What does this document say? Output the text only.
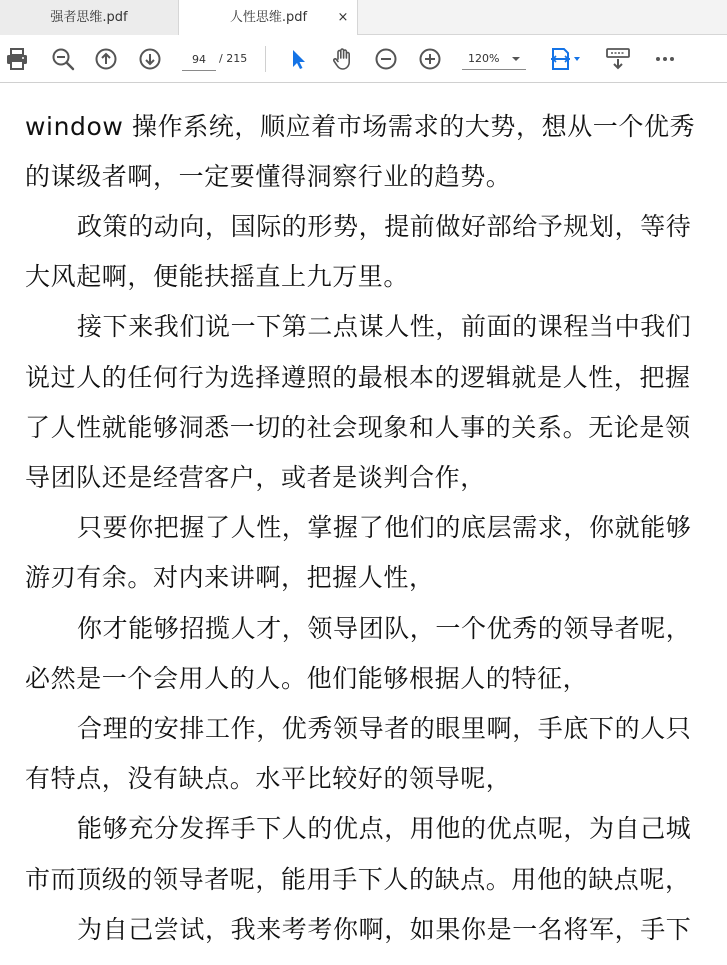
强者思维.pdf	人性思维.pdf	×
94
/ 215	120%
window 操作系统，顺应着市场需求的大势，想从一个优秀
的谋级者啊，一定要懂得洞察行业的趋势。
政策的动向，国际的形势，提前做好部给予规划，等待
大风起啊，便能扶摇直上九万里。
接下来我们说一下第二点谋人性，前面的课程当中我们
说过人的任何行为选择遵照的最根本的逻辑就是人性，把握
了人性就能够洞悉一切的社会现象和人事的关系。无论是领
导团队还是经营客户，或者是谈判合作，
只要你把握了人性，掌握了他们的底层需求，你就能够
游刃有余。对内来讲啊，把握人性，
你才能够招揽人才，领导团队，一个优秀的领导者呢，
必然是一个会用人的人。他们能够根据人的特征，
合理的安排工作，优秀领导者的眼里啊，手底下的人只
有特点，没有缺点。水平比较好的领导呢，
能够充分发挥手下人的优点，用他的优点呢，为自己城
市而顶级的领导者呢，能用手下人的缺点。用他的缺点呢，
为自己尝试，我来考考你啊，如果你是一名将军，手下
